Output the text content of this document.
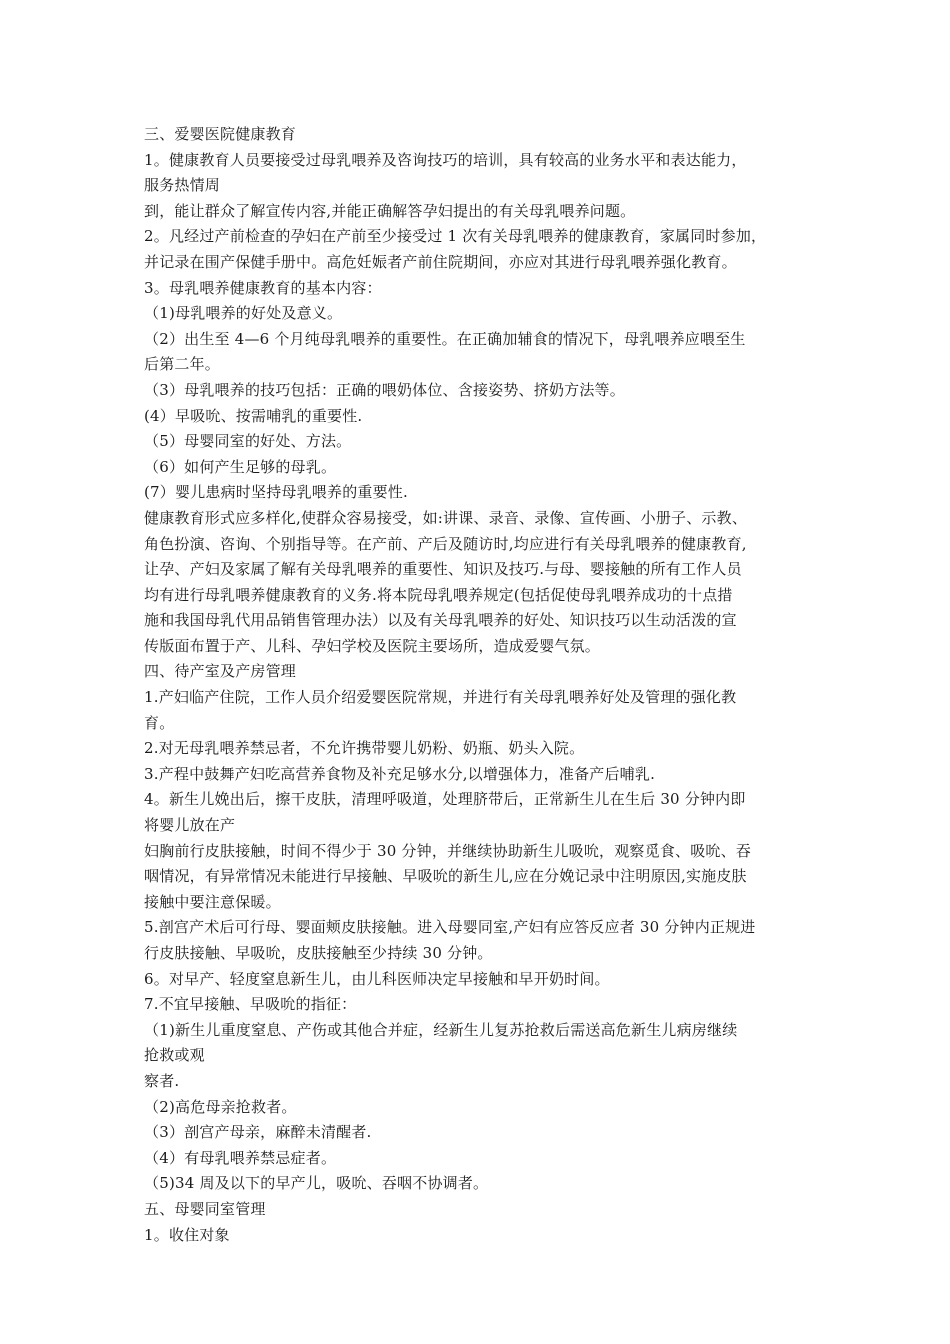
三、爱婴医院健康教育
1。健康教育人员要接受过母乳喂养及咨询技巧的培训，具有较高的业务水平和表达能力，
服务热情周
到，能让群众了解宣传内容,并能正确解答孕妇提出的有关母乳喂养问题。
2。凡经过产前检查的孕妇在产前至少接受过 1 次有关母乳喂养的健康教育，家属同时参加，
并记录在围产保健手册中。高危妊娠者产前住院期间，亦应对其进行母乳喂养强化教育。
3。母乳喂养健康教育的基本内容：
（1)母乳喂养的好处及意义。
（2）出生至 4—6 个月纯母乳喂养的重要性。在正确加辅食的情况下，母乳喂养应喂至生
后第二年。
（3）母乳喂养的技巧包括：正确的喂奶体位、含接姿势、挤奶方法等。
(4）早吸吮、按需哺乳的重要性.
（5）母婴同室的好处、方法。
（6）如何产生足够的母乳。
(7）婴儿患病时坚持母乳喂养的重要性.
健康教育形式应多样化,使群众容易接受，如:讲课、录音、录像、宣传画、小册子、示教、
角色扮演、咨询、个别指导等。在产前、产后及随访时,均应进行有关母乳喂养的健康教育,
让孕、产妇及家属了解有关母乳喂养的重要性、知识及技巧.与母、婴接触的所有工作人员
均有进行母乳喂养健康教育的义务.将本院母乳喂养规定(包括促使母乳喂养成功的十点措
施和我国母乳代用品销售管理办法）以及有关母乳喂养的好处、知识技巧以生动活泼的宣
传版面布置于产、儿科、孕妇学校及医院主要场所，造成爱婴气氛。
四、待产室及产房管理
1.产妇临产住院，工作人员介绍爱婴医院常规，并进行有关母乳喂养好处及管理的强化教
育。
2.对无母乳喂养禁忌者，不允许携带婴儿奶粉、奶瓶、奶头入院。
3.产程中鼓舞产妇吃高营养食物及补充足够水分,以增强体力，准备产后哺乳.
4。新生儿娩出后，擦干皮肤，清理呼吸道，处理脐带后，正常新生儿在生后 30 分钟内即
将婴儿放在产
妇胸前行皮肤接触，时间不得少于 30 分钟，并继续协助新生儿吸吮，观察觅食、吸吮、吞
咽情况，有异常情况未能进行早接触、早吸吮的新生儿,应在分娩记录中注明原因,实施皮肤
接触中要注意保暖。
5.剖宫产术后可行母、婴面颊皮肤接触。进入母婴同室,产妇有应答反应者 30 分钟内正规进
行皮肤接触、早吸吮，皮肤接触至少持续 30 分钟。
6。对早产、轻度窒息新生儿，由儿科医师决定早接触和早开奶时间。
7.不宜早接触、早吸吮的指征：
（1)新生儿重度窒息、产伤或其他合并症，经新生儿复苏抢救后需送高危新生儿病房继续
抢救或观
察者.
（2)高危母亲抢救者。
（3）剖宫产母亲，麻醉未清醒者.
（4）有母乳喂养禁忌症者。
（5)34 周及以下的早产儿，吸吮、吞咽不协调者。
五、母婴同室管理
1。收住对象
